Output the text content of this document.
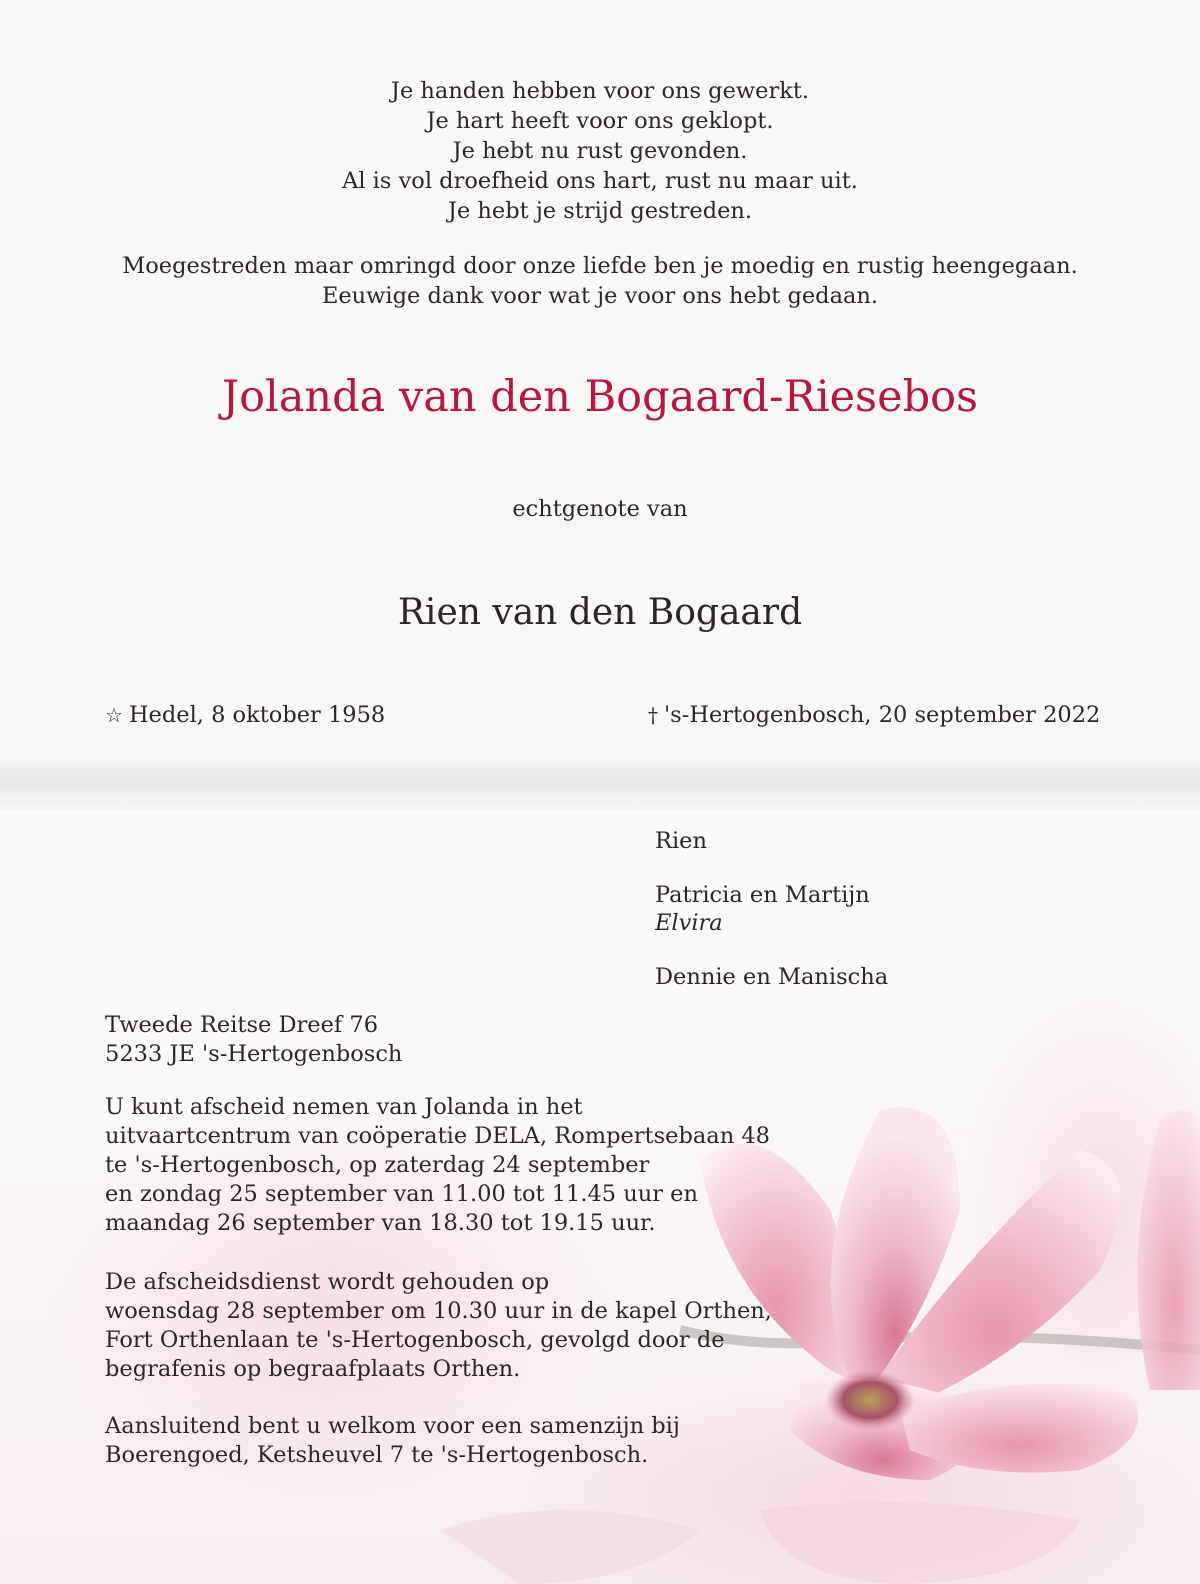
Je handen hebben voor ons gewerkt.
Je hart heeft voor ons geklopt.
Je hebt nu rust gevonden.
Al is vol droefheid ons hart, rust nu maar uit.
Je hebt je strijd gestreden.
Moegestreden maar omringd door onze liefde ben je moedig en rustig heengegaan.
Eeuwige dank voor wat je voor ons hebt gedaan.
Jolanda van den Bogaard-Riesebos
echtgenote van
Rien van den Bogaard
☆ Hedel, 8 oktober 1958	† 's-Hertogenbosch, 20 september 2022
Rien
Patricia en Martijn
Elvira
Dennie en Manischa
Tweede Reitse Dreef 76
5233 JE 's-Hertogenbosch
U kunt afscheid nemen van Jolanda in het
uitvaartcentrum van coöperatie DELA, Rompertsebaan 48
te 's-Hertogenbosch, op zaterdag 24 september
en zondag 25 september van 11.00 tot 11.45 uur en
maandag 26 september van 18.30 tot 19.15 uur.
De afscheidsdienst wordt gehouden op
woensdag 28 september om 10.30 uur in de kapel Orthen,
Fort Orthenlaan te 's-Hertogenbosch, gevolgd door de
begrafenis op begraafplaats Orthen.
Aansluitend bent u welkom voor een samenzijn bij
Boerengoed, Ketsheuvel 7 te 's-Hertogenbosch.
